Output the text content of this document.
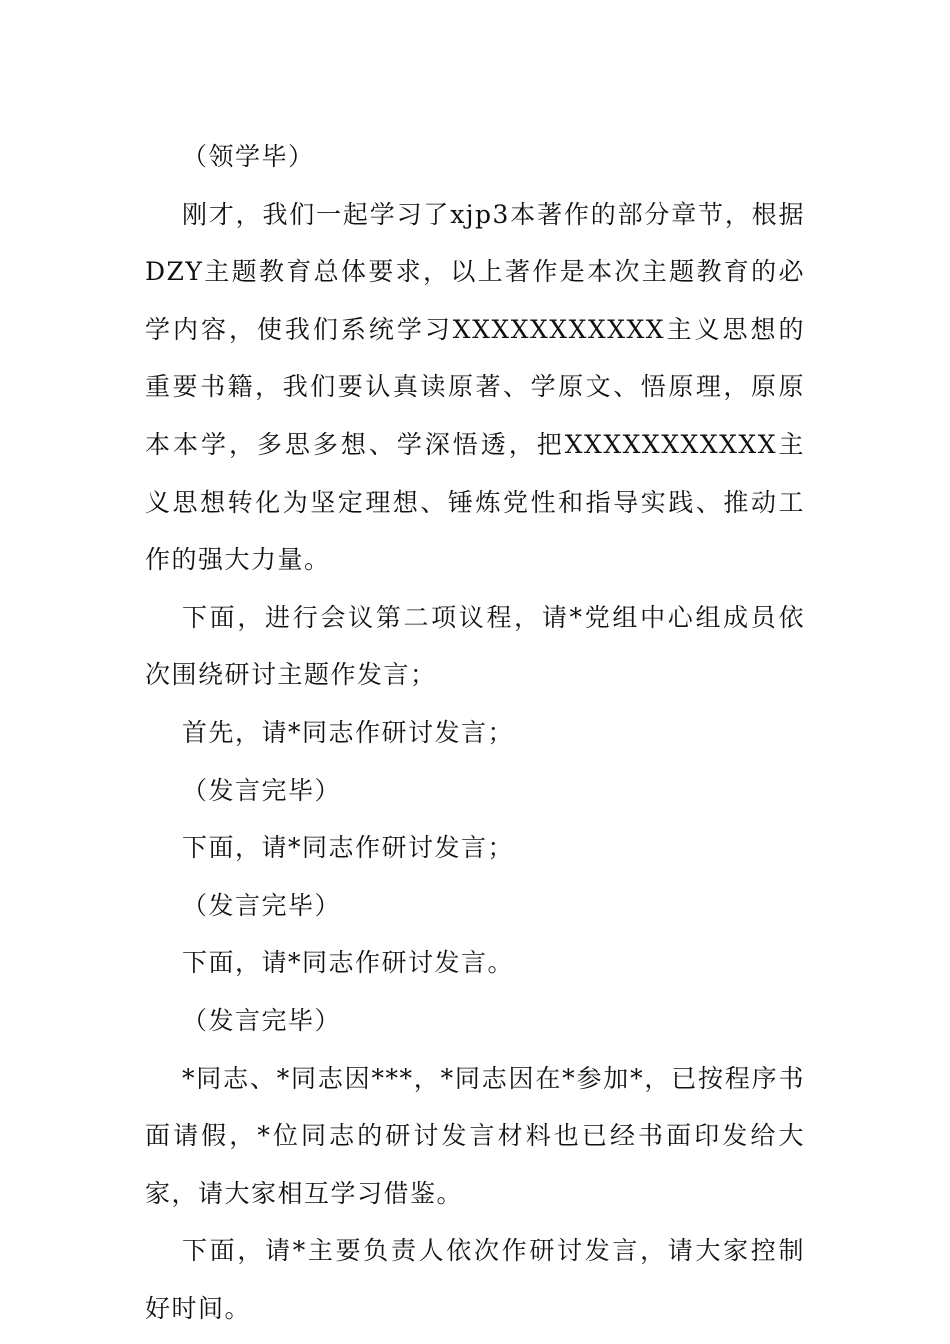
（领学毕）

刚才，我们一起学习了xjp3本著作的部分章节，根据DZY主题教育总体要求，以上著作是本次主题教育的必学内容，使我们系统学习XXXXXXXXXXX主义思想的重要书籍，我们要认真读原著、学原文、悟原理，原原本本学，多思多想、学深悟透，把XXXXXXXXXXX主义思想转化为坚定理想、锤炼党性和指导实践、推动工作的强大力量。

下面，进行会议第二项议程，请*党组中心组成员依次围绕研讨主题作发言；

首先，请*同志作研讨发言；

（发言完毕）

下面，请*同志作研讨发言；

（发言完毕）

下面，请*同志作研讨发言。

（发言完毕）

*同志、*同志因***，*同志因在*参加*，已按程序书面请假，*位同志的研讨发言材料也已经书面印发给大家，请大家相互学习借鉴。

下面，请*主要负责人依次作研讨发言，请大家控制好时间。
